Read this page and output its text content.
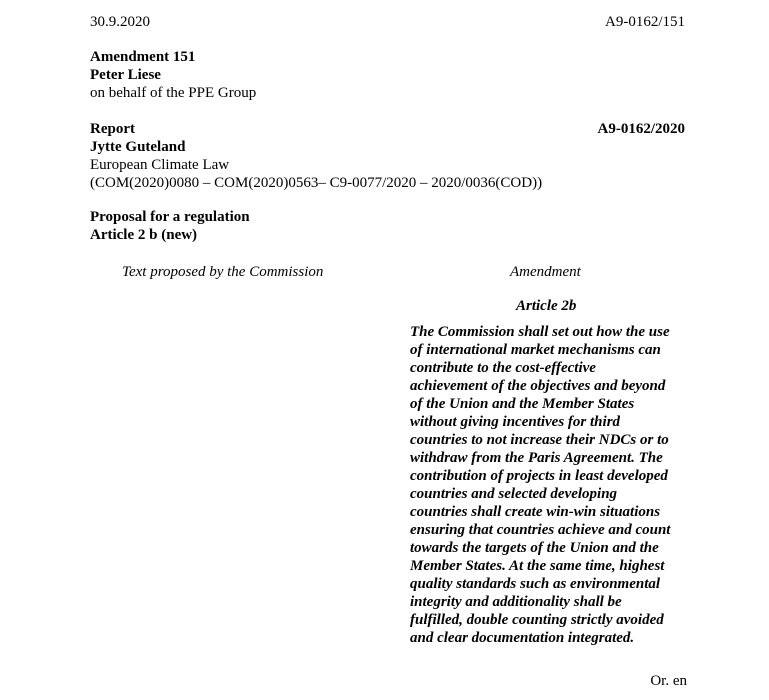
30.9.2020	A9-0162/151
Amendment 151
Peter Liese
on behalf of the PPE Group
Report
Jytte Guteland
European Climate Law
(COM(2020)0080 – COM(2020)0563– C9-0077/2020 – 2020/0036(COD))
A9-0162/2020
Proposal for a regulation
Article 2 b (new)
Text proposed by the Commission	Amendment
Article 2b
The Commission shall set out how the use
of international market mechanisms can
contribute to the cost-effective
achievement of the objectives and beyond
of the Union and the Member States
without giving incentives for third
countries to not increase their NDCs or to
withdraw from the Paris Agreement. The
contribution of projects in least developed
countries and selected developing
countries shall create win-win situations
ensuring that countries achieve and count
towards the targets of the Union and the
Member States. At the same time, highest
quality standards such as environmental
integrity and additionality shall be
fulfilled, double counting strictly avoided
and clear documentation integrated.
Or. en
